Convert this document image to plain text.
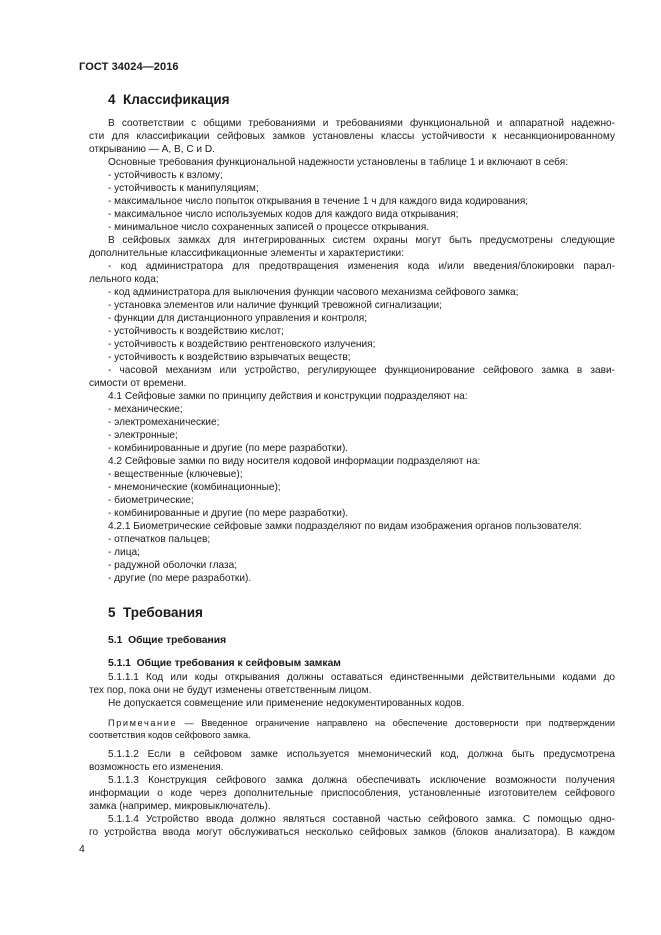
ГОСТ 34024—2016
4 Классификация
В соответствии с общими требованиями и требованиями функциональной и аппаратной надежно-
сти для классификации сейфовых замков установлены классы устойчивости к несанкционированному
открыванию — А, В, С и D.
Основные требования функциональной надежности установлены в таблице 1 и включают в себя:
- устойчивость к взлому;
- устойчивость к манипуляциям;
- максимальное число попыток открывания в течение 1 ч для каждого вида кодирования;
- максимальное число используемых кодов для каждого вида открывания;
- минимальное число сохраненных записей о процессе открывания.
В сейфовых замках для интегрированных систем охраны могут быть предусмотрены следующие
дополнительные классификационные элементы и характеристики:
- код администратора для предотвращения изменения кода и/или введения/блокировки парал-
лельного кода;
- код администратора для выключения функции часового механизма сейфового замка;
- установка элементов или наличие функций тревожной сигнализации;
- функции для дистанционного управления и контроля;
- устойчивость к воздействию кислот;
- устойчивость к воздействию рентгеновского излучения;
- устойчивость к воздействию взрывчатых веществ;
- часовой механизм или устройство, регулирующее функционирование сейфового замка в зави-
симости от времени.
4.1 Сейфовые замки по принципу действия и конструкции подразделяют на:
- механические;
- электромеханические;
- электронные;
- комбинированные и другие (по мере разработки).
4.2 Сейфовые замки по виду носителя кодовой информации подразделяют на:
- вещественные (ключевые);
- мнемонические (комбинационные);
- биометрические;
- комбинированные и другие (по мере разработки).
4.2.1 Биометрические сейфовые замки подразделяют по видам изображения органов пользователя:
- отпечатков пальцев;
- лица;
- радужной оболочки глаза;
- другие (по мере разработки).
5 Требования
5.1 Общие требования
5.1.1 Общие требования к сейфовым замкам
5.1.1.1 Код или коды открывания должны оставаться единственными действительными кодами до
тех пор, пока они не будут изменены ответственным лицом.
Не допускается совмещение или применение недокументированных кодов.
Примечание — Введенное ограничение направлено на обеспечение достоверности при подтверждении
соответствия кодов сейфового замка.
5.1.1.2 Если в сейфовом замке используется мнемонический код, должна быть предусмотрена
возможность его изменения.
5.1.1.3 Конструкция сейфового замка должна обеспечивать исключение возможности получения
информации о коде через дополнительные приспособления, установленные изготовителем сейфового
замка (например, микровыключатель).
5.1.1.4 Устройство ввода должно являться составной частью сейфового замка. С помощью одно-
го устройства ввода могут обслуживаться несколько сейфовых замков (блоков анализатора). В каждом
4
